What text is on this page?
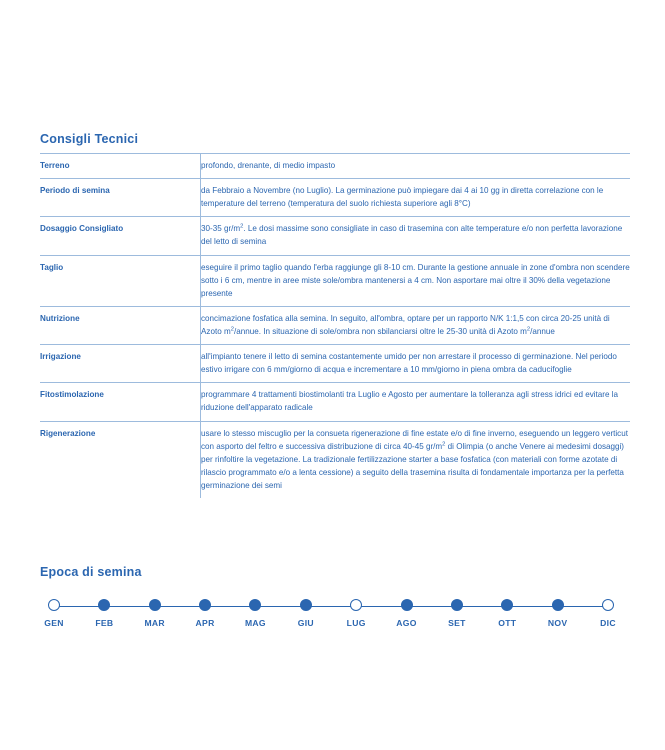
Consigli Tecnici
Terreno	profondo, drenante, di medio impasto
Periodo di semina	da Febbraio a Novembre (no Luglio). La germinazione può impiegare dai 4 ai 10 gg in diretta correlazione con le temperature del terreno (temperatura del suolo richiesta superiore agli 8°C)
Dosaggio Consigliato	30-35 $gr/m^2$. Le dosi massime sono consigliate in caso di trasemina con alte temperature e/o non perfetta lavorazione del letto di semina
Taglio	eseguire il primo taglio quando l'erba raggiunge gli 8-10 cm. Durante la gestione annuale in zone d'ombra non scendere sotto i 6 cm, mentre in aree miste sole/ombra mantenersi a 4 cm. Non asportare mai oltre il 30% della vegetazione presente
Nutrizione	concimazione fosfatica alla semina. In seguito, all'ombra, optare per un rapporto N/K 1:1,5 con circa 20-25 unità di Azoto $m^2$/annue. In situazione di sole/ombra non sbilanciarsi oltre le 25-30 unità di Azoto $m^2$/annue
Irrigazione	all'impianto tenere il letto di semina costantemente umido per non arrestare il processo di germinazione. Nel periodo estivo irrigare con 6 mm/giorno di acqua e incrementare a 10 mm/giorno in piena ombra da caducifoglie
Fitostimolazione	programmare 4 trattamenti biostimolanti tra Luglio e Agosto per aumentare la tolleranza agli stress idrici ed evitare la riduzione dell'apparato radicale
Rigenerazione	usare lo stesso miscuglio per la consueta rigenerazione di fine estate e/o di fine inverno, eseguendo un leggero verticut con asporto del feltro e successiva distribuzione di circa 40-45 $gr/m^2$ di Olimpia (o anche Venere ai medesimi dosaggi) per rinfoltire la vegetazione. La tradizionale fertilizzazione starter a base fosfatica (con materiali con forme azotate di rilascio programmato e/o a lenta cessione) a seguito della trasemina risulta di fondamentale importanza per la perfetta germinazione dei semi
Epoca di semina
GEN	FEB	MAR	APR	MAG	GIU	LUG	AGO	SET	OTT	NOV	DIC
